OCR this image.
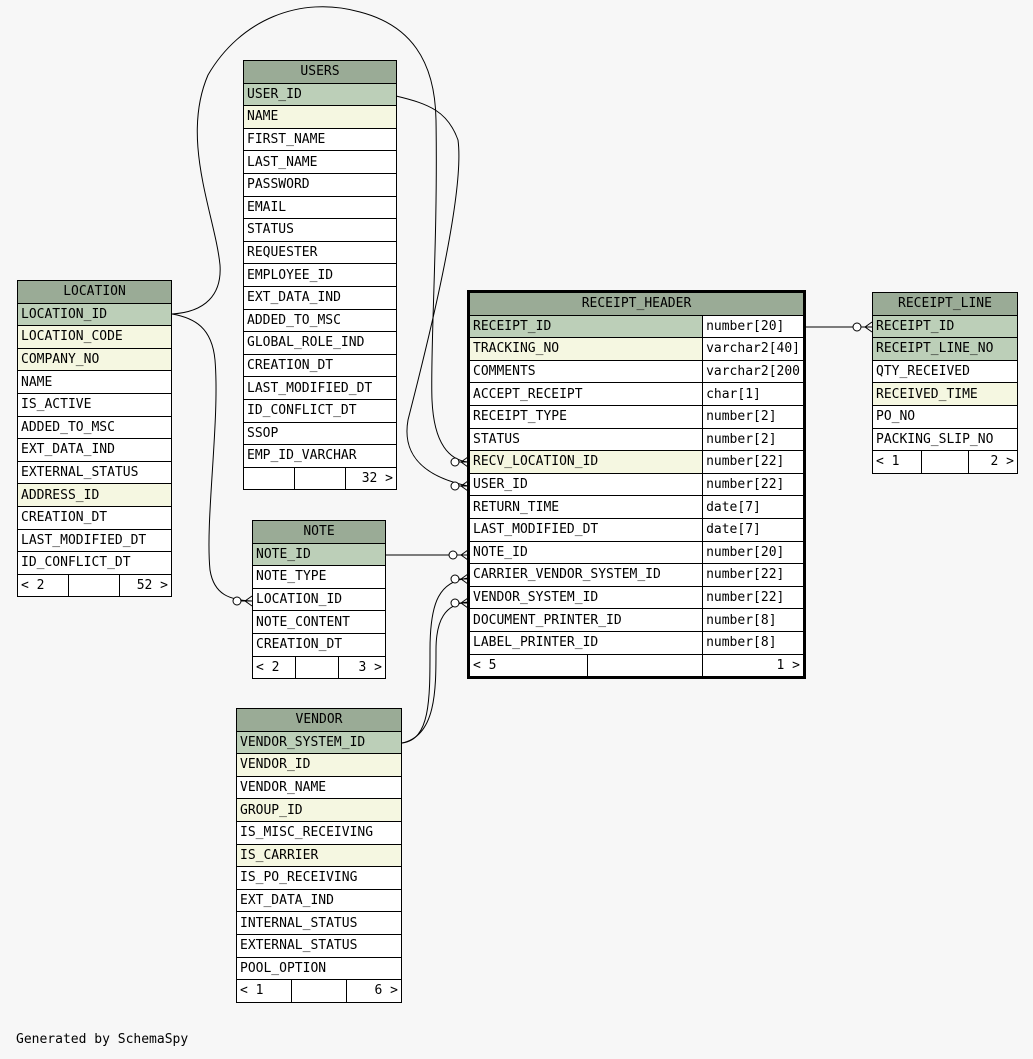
USERS
USER_ID
NAME
FIRST_NAME
LAST_NAME
PASSWORD
EMAIL
STATUS
REQUESTER
EMPLOYEE_ID
EXT_DATA_IND
ADDED_TO_MSC
GLOBAL_ROLE_IND
CREATION_DT
LAST_MODIFIED_DT
ID_CONFLICT_DT
SSOP
EMP_ID_VARCHAR
		32 >
LOCATION
LOCATION_ID
LOCATION_CODE
COMPANY_NO
NAME
IS_ACTIVE
ADDED_TO_MSC
EXT_DATA_IND
EXTERNAL_STATUS
ADDRESS_ID
CREATION_DT
LAST_MODIFIED_DT
ID_CONFLICT_DT
< 2		52 >
NOTE
NOTE_ID
NOTE_TYPE
LOCATION_ID
NOTE_CONTENT
CREATION_DT
< 2		3 >
VENDOR
VENDOR_SYSTEM_ID
VENDOR_ID
VENDOR_NAME
GROUP_ID
IS_MISC_RECEIVING
IS_CARRIER
IS_PO_RECEIVING
EXT_DATA_IND
INTERNAL_STATUS
EXTERNAL_STATUS
POOL_OPTION
< 1		6 >
RECEIPT_HEADER		
RECEIPT_ID		number[20]
TRACKING_NO		varchar2[40]
COMMENTS		varchar2[200
ACCEPT_RECEIPT		char[1]
RECEIPT_TYPE		number[2]
STATUS		number[2]
RECV_LOCATION_ID		number[22]
USER_ID		number[22]
RETURN_TIME		date[7]
LAST_MODIFIED_DT		date[7]
NOTE_ID		number[20]
CARRIER_VENDOR_SYSTEM_ID		number[22]
VENDOR_SYSTEM_ID		number[22]
DOCUMENT_PRINTER_ID		number[8]
LABEL_PRINTER_ID		number[8]
< 5		1 >
RECEIPT_LINE
RECEIPT_ID
RECEIPT_LINE_NO
QTY_RECEIVED
RECEIVED_TIME
PO_NO
PACKING_SLIP_NO
< 1		2 >
Generated by SchemaSpy
